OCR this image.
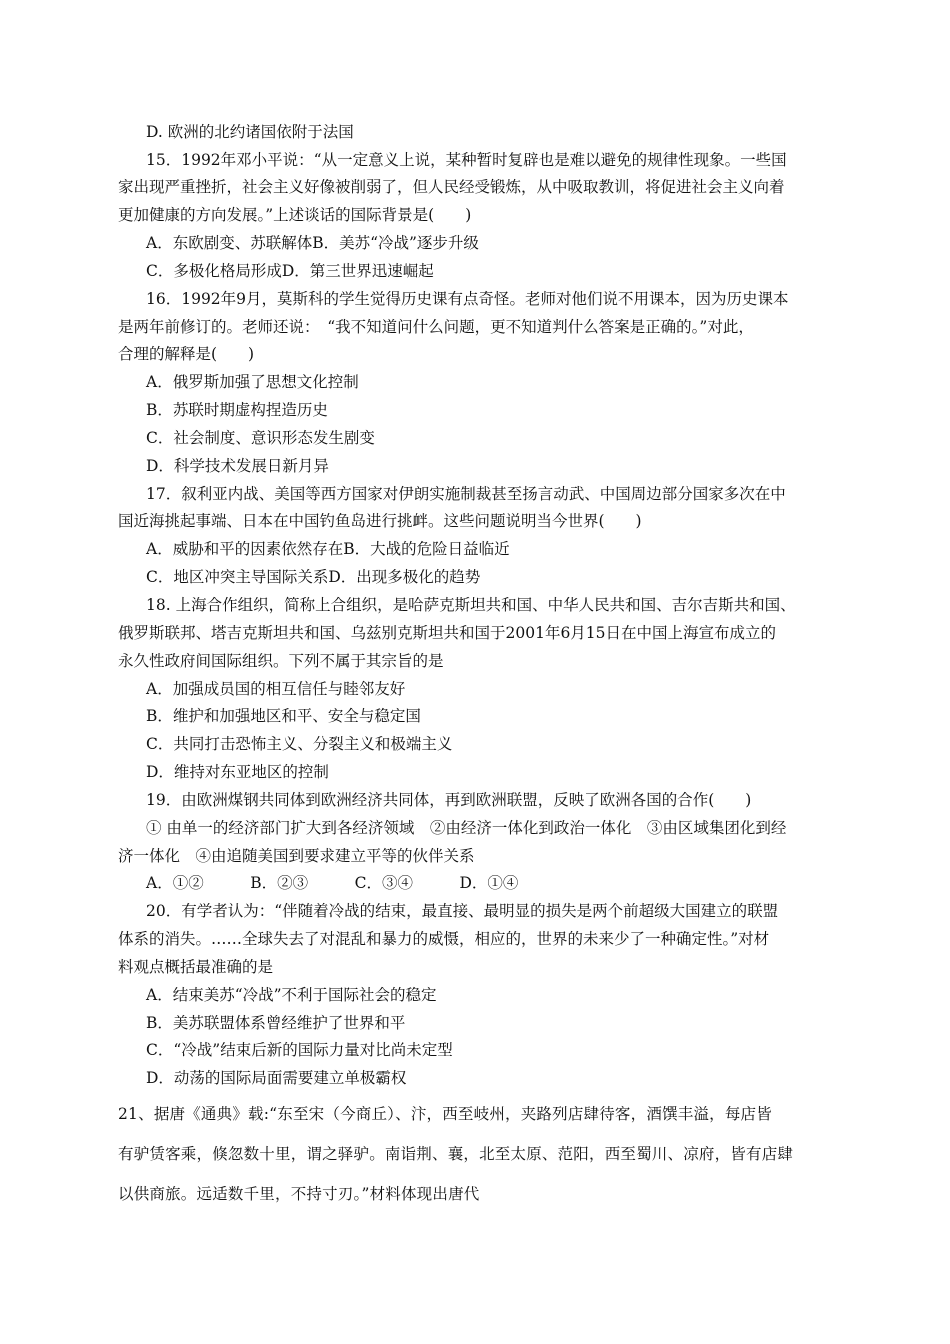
D. 欧洲的北约诸国依附于法国
15．1992年邓小平说：“从一定意义上说，某种暂时复辟也是难以避免的规律性现象。一些国
家出现严重挫折，社会主义好像被削弱了，但人民经受锻炼，从中吸取教训，将促进社会主义向着
更加健康的方向发展。”上述谈话的国际背景是(　　)
A．东欧剧变、苏联解体B．美苏“冷战”逐步升级
C．多极化格局形成D．第三世界迅速崛起
16．1992年9月，莫斯科的学生觉得历史课有点奇怪。老师对他们说不用课本，因为历史课本
是两年前修订的。老师还说：　“我不知道问什么问题，更不知道判什么答案是正确的。”对此，
合理的解释是(　　)
A．俄罗斯加强了思想文化控制
B．苏联时期虚构捏造历史
C．社会制度、意识形态发生剧变
D．科学技术发展日新月异
17．叙利亚内战、美国等西方国家对伊朗实施制裁甚至扬言动武、中国周边部分国家多次在中
国近海挑起事端、日本在中国钓鱼岛进行挑衅。这些问题说明当今世界(　　)
A．威胁和平的因素依然存在B．大战的危险日益临近
C．地区冲突主导国际关系D．出现多极化的趋势
18. 上海合作组织，简称上合组织，是哈萨克斯坦共和国、中华人民共和国、吉尔吉斯共和国、
俄罗斯联邦、塔吉克斯坦共和国、乌兹别克斯坦共和国于2001年6月15日在中国上海宣布成立的
永久性政府间国际组织。下列不属于其宗旨的是
A．加强成员国的相互信任与睦邻友好
B．维护和加强地区和平、安全与稳定国
C．共同打击恐怖主义、分裂主义和极端主义
D．维持对东亚地区的控制
19．由欧洲煤钢共同体到欧洲经济共同体，再到欧洲联盟，反映了欧洲各国的合作(　　)
① 由单一的经济部门扩大到各经济领域　②由经济一体化到政治一体化　③由区域集团化到经
济一体化　④由追随美国到要求建立平等的伙伴关系
A．①②　　　B．②③　　　C．③④　　　D．①④
20．有学者认为：“伴随着冷战的结束，最直接、最明显的损失是两个前超级大国建立的联盟
体系的消失。……全球失去了对混乱和暴力的威慑，相应的，世界的未来少了一种确定性。”对材
料观点概括最准确的是
A．结束美苏“冷战”不利于国际社会的稳定
B．美苏联盟体系曾经维护了世界和平
C．“冷战”结束后新的国际力量对比尚未定型
D．动荡的国际局面需要建立单极霸权
21、据唐《通典》载:“东至宋（今商丘）、汴，西至岐州，夹路列店肆待客，酒馔丰溢，每店皆
有驴赁客乘，倏忽数十里，谓之驿驴。南诣荆、襄，北至太原、范阳，西至蜀川、凉府，皆有店肆
以供商旅。远适数千里，不持寸刃。”材料体现出唐代
